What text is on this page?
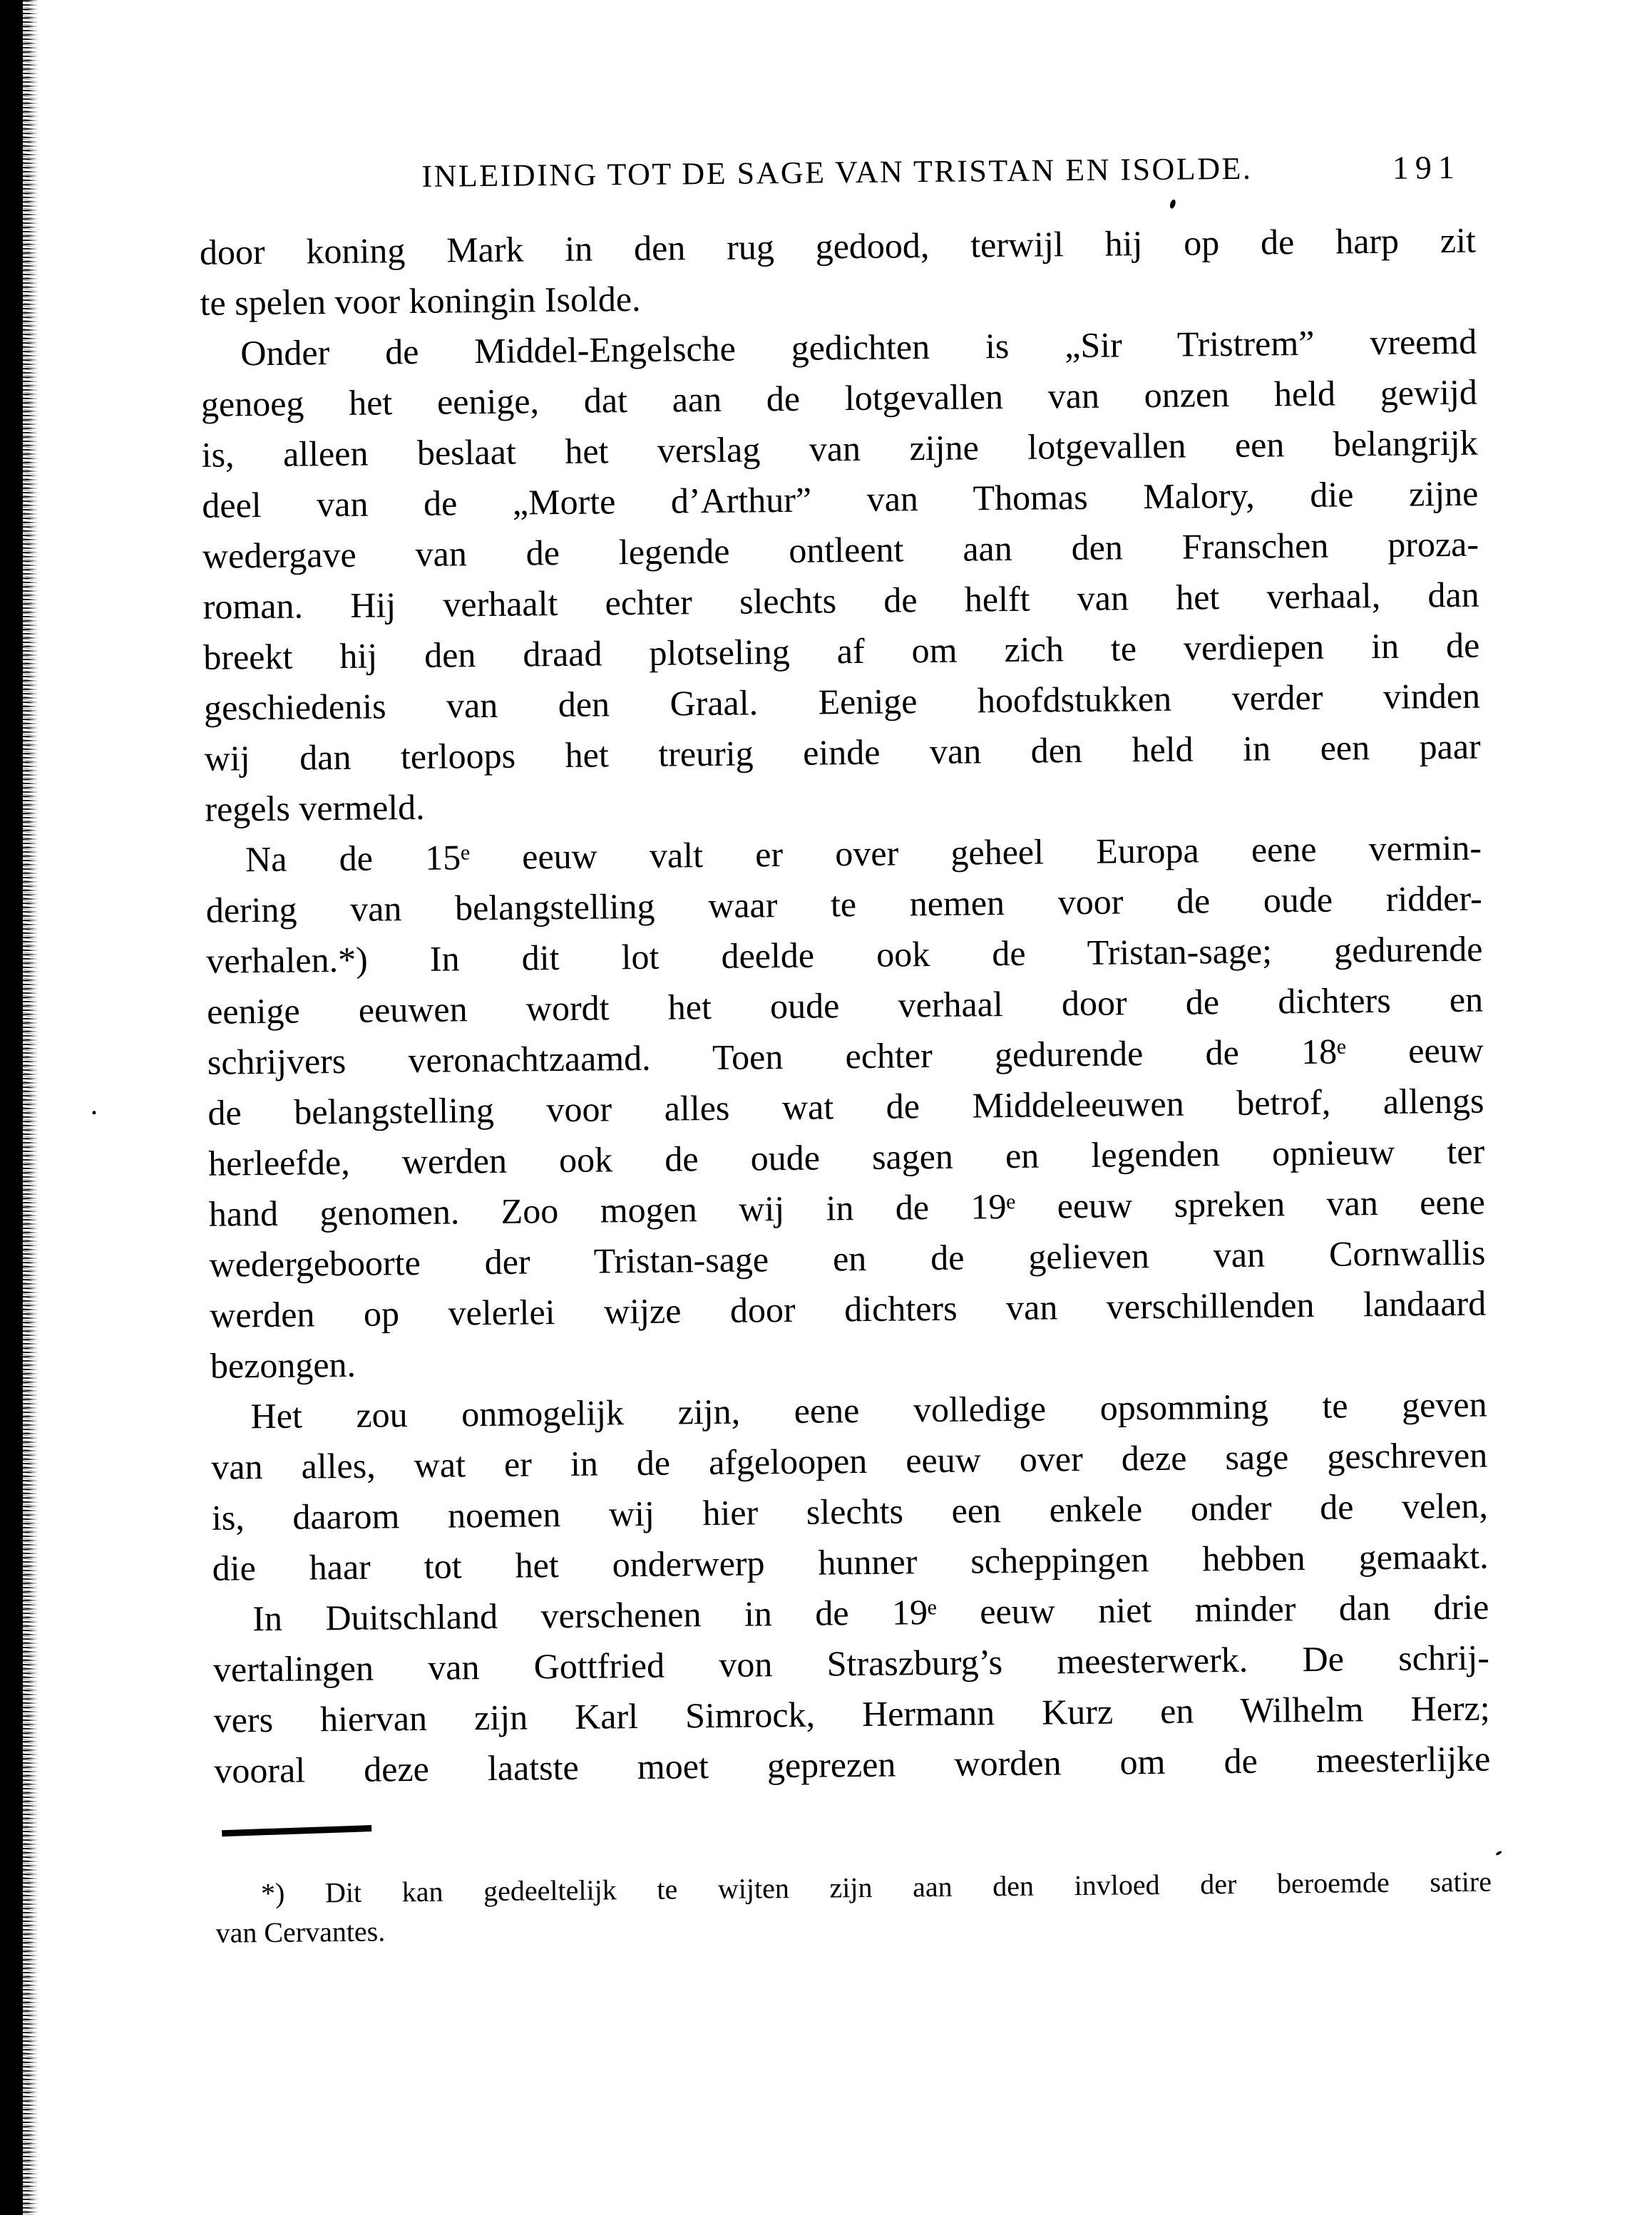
INLEIDING TOT DE SAGE VAN TRISTAN EN ISOLDE.	191
door koning Mark in den rug gedood, terwijl hij op de harp zit
te spelen voor koningin Isolde.
Onder de Middel-Engelsche gedichten is „Sir Tristrem” vreemd
genoeg het eenige, dat aan de lotgevallen van onzen held gewijd
is, alleen beslaat het verslag van zijne lotgevallen een belangrijk
deel van de „Morte d’Arthur” van Thomas Malory, die zijne
wedergave van de legende ontleent aan den Franschen proza-
roman. Hij verhaalt echter slechts de helft van het verhaal, dan
breekt hij den draad plotseling af om zich te verdiepen in de
geschiedenis van den Graal. Eenige hoofdstukken verder vinden
wij dan terloops het treurig einde van den held in een paar
regels vermeld.
Na de 15ᵉ eeuw valt er over geheel Europa eene vermin-
dering van belangstelling waar te nemen voor de oude ridder-
verhalen.*) In dit lot deelde ook de Tristan-sage; gedurende
eenige eeuwen wordt het oude verhaal door de dichters en
schrijvers veronachtzaamd. Toen echter gedurende de 18ᵉ eeuw
de belangstelling voor alles wat de Middeleeuwen betrof, allengs
herleefde, werden ook de oude sagen en legenden opnieuw ter
hand genomen. Zoo mogen wij in de 19ᵉ eeuw spreken van eene
wedergeboorte der Tristan-sage en de gelieven van Cornwallis
werden op velerlei wijze door dichters van verschillenden landaard
bezongen.
Het zou onmogelijk zijn, eene volledige opsomming te geven
van alles, wat er in de afgeloopen eeuw over deze sage geschreven
is, daarom noemen wij hier slechts een enkele onder de velen,
die haar tot het onderwerp hunner scheppingen hebben gemaakt.
In Duitschland verschenen in de 19ᵉ eeuw niet minder dan drie
vertalingen van Gottfried von Straszburg’s meesterwerk. De schrij-
vers hiervan zijn Karl Simrock, Hermann Kurz en Wilhelm Herz;
vooral deze laatste moet geprezen worden om de meesterlijke
*) Dit kan gedeeltelijk te wijten zijn aan den invloed der beroemde satire
van Cervantes.
